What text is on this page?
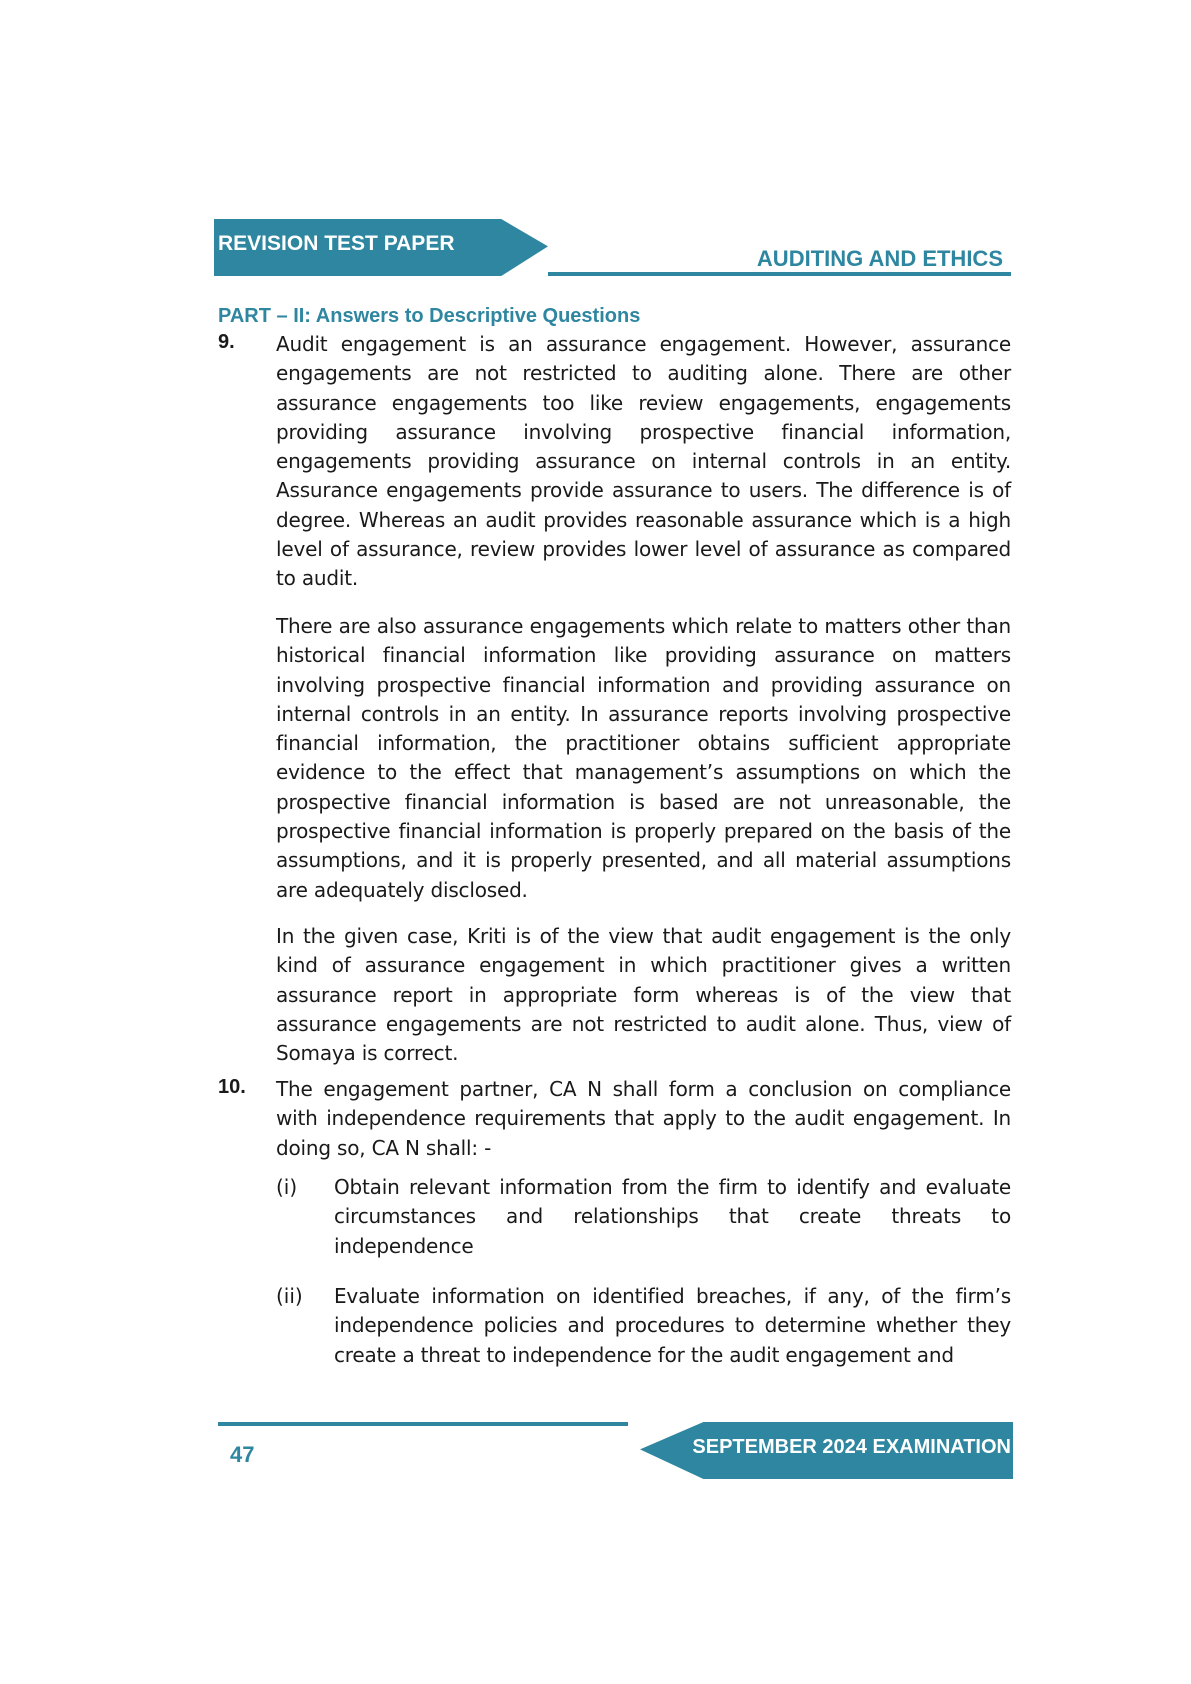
REVISION TEST PAPER
AUDITING AND ETHICS
PART – II: Answers to Descriptive Questions
9. Audit engagement is an assurance engagement. However, assurance engagements are not restricted to auditing alone. There are other assurance engagements too like review engagements, engagements providing assurance involving prospective financial information, engagements providing assurance on internal controls in an entity. Assurance engagements provide assurance to users. The difference is of degree. Whereas an audit provides reasonable assurance which is a high level of assurance, review provides lower level of assurance as compared to audit.

There are also assurance engagements which relate to matters other than historical financial information like providing assurance on matters involving prospective financial information and providing assurance on internal controls in an entity. In assurance reports involving prospective financial information, the practitioner obtains sufficient appropriate evidence to the effect that management’s assumptions on which the prospective financial information is based are not unreasonable, the prospective financial information is properly prepared on the basis of the assumptions, and it is properly presented, and all material assumptions are adequately disclosed.

In the given case, Kriti is of the view that audit engagement is the only kind of assurance engagement in which practitioner gives a written assurance report in appropriate form whereas is of the view that assurance engagements are not restricted to audit alone. Thus, view of Somaya is correct.

10. The engagement partner, CA N shall form a conclusion on compliance with independence requirements that apply to the audit engagement. In doing so, CA N shall: -

(i) Obtain relevant information from the firm to identify and evaluate circumstances and relationships that create threats to independence

(ii) Evaluate information on identified breaches, if any, of the firm’s independence policies and procedures to determine whether they create a threat to independence for the audit engagement and

47	SEPTEMBER 2024 EXAMINATION
